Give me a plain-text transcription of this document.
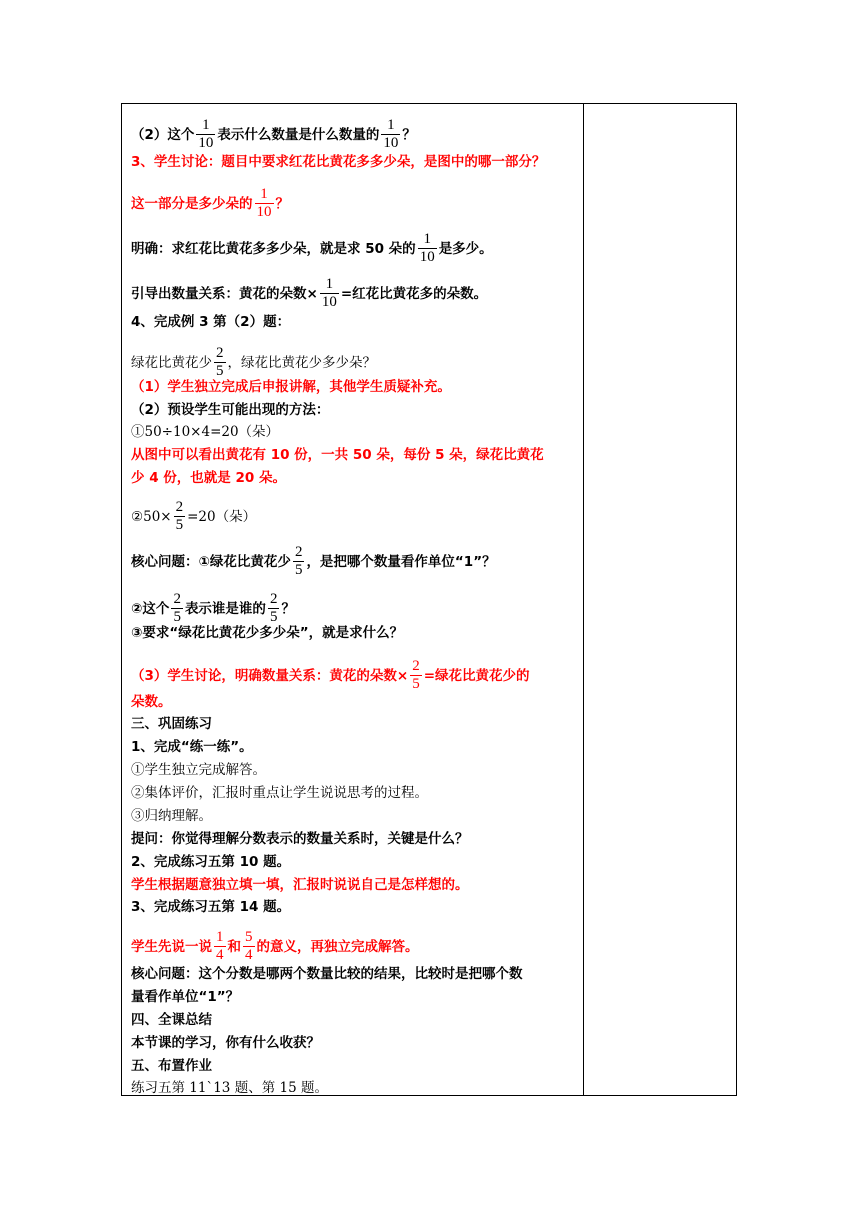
（2）这个 $\frac{1}{10}$ 表示什么数量是什么数量的 $\frac{1}{10}$ ？
3、学生讨论：题目中要求红花比黄花多多少朵，是图中的哪一部分？
这一部分是多少朵的 $\frac{1}{10}$ ？
明确：求红花比黄花多多少朵，就是求 50 朵的 $\frac{1}{10}$ 是多少。
引导出数量关系：黄花的朵数× $\frac{1}{10}$ =红花比黄花多的朵数。
4、完成例 3 第（2）题：
绿花比黄花少 $\frac{2}{5}$ ，绿花比黄花少多少朵？
（1）学生独立完成后申报讲解，其他学生质疑补充。
（2）预设学生可能出现的方法：
①50÷10×4=20（朵）
从图中可以看出黄花有 10 份，一共 50 朵，每份 5 朵，绿花比黄花
少 4 份，也就是 20 朵。
②50× $\frac{2}{5} =20$（朵）
核心问题：①绿花比黄花少 $\frac{2}{5}$ ，是把哪个数量看作单位“1”？
②这个 $\frac{2}{5}$ 表示谁是谁的 $\frac{2}{5}$ ？
③要求“绿花比黄花少多少朵”，就是求什么？
（3）学生讨论，明确数量关系：黄花的朵数× $\frac{2}{5}$ =绿花比黄花少的
朵数。
三、巩固练习
1、完成“练一练”。
①学生独立完成解答。
②集体评价，汇报时重点让学生说说思考的过程。
③归纳理解。
提问：你觉得理解分数表示的数量关系时，关键是什么？
2、完成练习五第 10 题。
学生根据题意独立填一填，汇报时说说自己是怎样想的。
3、完成练习五第 14 题。
学生先说一说 $\frac{1}{4}$ 和 $\frac{5}{4}$ 的意义，再独立完成解答。
核心问题：这个分数是哪两个数量比较的结果，比较时是把哪个数
量看作单位“1”？
四、全课总结
本节课的学习，你有什么收获？
五、布置作业
练习五第 11`13 题、第 15 题。
